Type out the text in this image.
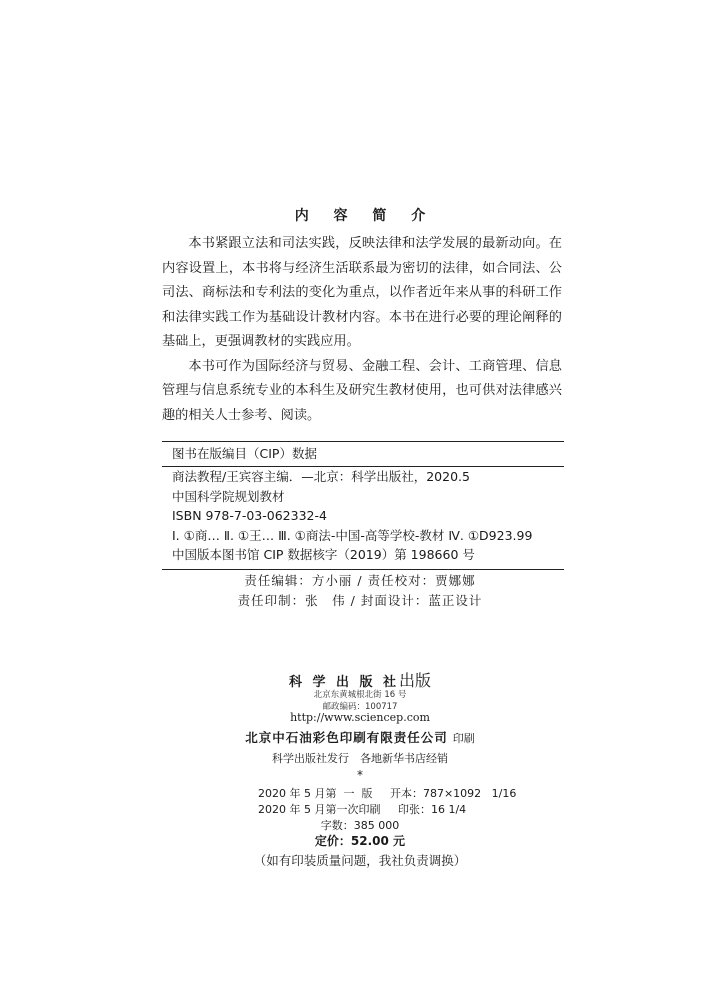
内 容 简 介

本书紧跟立法和司法实践，反映法律和法学发展的最新动向。在内容设置上，本书将与经济生活联系最为密切的法律，如合同法、公司法、商标法和专利法的变化为重点，以作者近年来从事的科研工作和法律实践工作为基础设计教材内容。本书在进行必要的理论阐释的基础上，更强调教材的实践应用。

本书可作为国际经济与贸易、金融工程、会计、工商管理、信息管理与信息系统专业的本科生及研究生教材使用，也可供对法律感兴趣的相关人士参考、阅读。

图书在版编目（CIP）数据
商法教程/王宾容主编．—北京：科学出版社，2020.5
中国科学院规划教材
ISBN 978-7-03-062332-4
Ⅰ. ①商… Ⅱ. ①王… Ⅲ. ①商法-中国-高等学校-教材 Ⅳ. ①D923.99
中国版本图书馆 CIP 数据核字（2019）第 198660 号
责任编辑：方小丽 / 责任校对：贾娜娜
责任印制：张　伟 / 封面设计：蓝正设计
科 学 出 版 社出版
北京东黄城根北街 16 号
邮政编码：100717
http://www.sciencep.com
北京中石油彩色印刷有限责任公司 印刷
科学出版社发行　各地新华书店经销
*
2020 年 5 月第  一  版     开本：787×1092   1/16
2020 年 5 月第一次印刷     印张：16 1/4
字数：385 000
定价：52.00 元
（如有印装质量问题，我社负责调换）
